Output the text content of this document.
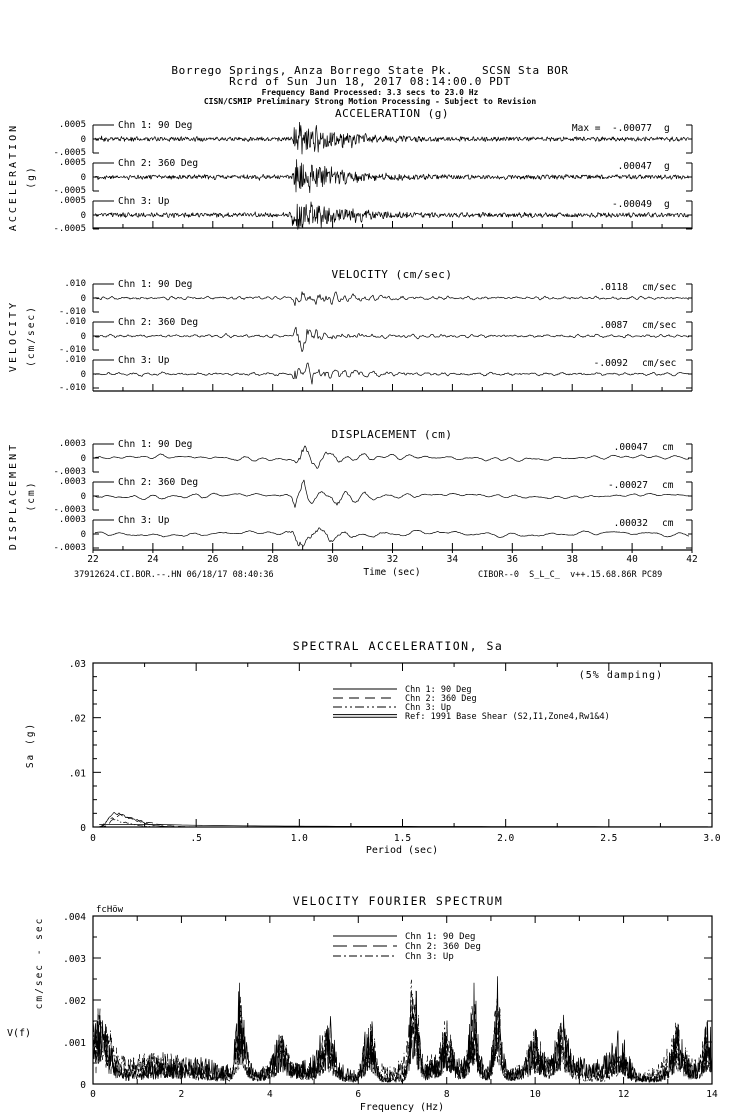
Borrego Springs, Anza Borrego State Pk.    SCSN Sta BOR
Rcrd of Sun Jun 18, 2017 08:14:00.0 PDT
Frequency Band Processed: 3.3 secs to 23.0 Hz
CISN/CSMIP Preliminary Strong Motion Processing - Subject to Revision
ACCELERATION (g)
VELOCITY (cm/sec)
DISPLACEMENT (cm)
ACCELERATION (g)
VELOCITY (cm/sec)
DISPLACEMENT (cm)
.0005
0
-.0005
Chn 1: 90 Deg	Max =  -.00077 g
.0005
0
-.0005
Chn 2: 360 Deg	.00047 g
.0005
0
-.0005
Chn 3: Up	-.00049 g
.010
0
-.010
Chn 1: 90 Deg	.0118 cm/sec
.010
0
-.010
Chn 2: 360 Deg	.0087 cm/sec
.010
0
-.010
Chn 3: Up	-.0092 cm/sec
.0003
0
-.0003
Chn 1: 90 Deg	.00047 cm
.0003
0
-.0003
Chn 2: 360 Deg	-.00027 cm
.0003
0
-.0003
Chn 3: Up	.00032 cm
22	24	26	28	30	32	34	36	38	40	42
Time (sec)
37912624.CI.BOR.--.HN 06/18/17 08:40:36	CIBOR--0  S_L_C_  v++.15.68.86R PC89
SPECTRAL ACCELERATION, Sa
(5% damping)
Sa (g)
Period (sec)
Chn 1: 90 Deg
Chn 2: 360 Deg
Chn 3: Up
Ref: 1991 Base Shear (S2,I1,Zone4,Rw1&4)
.03
.02
.01
0
0	.5	1.0	1.5	2.0	2.5	3.0
VELOCITY FOURIER SPECTRUM
fcHöw
V(f)
cm/sec - sec
Frequency (Hz)
Chn 1: 90 Deg
Chn 2: 360 Deg
Chn 3: Up
.004
.003
.002
.001
0
0	2	4	6	8	10	12	14
